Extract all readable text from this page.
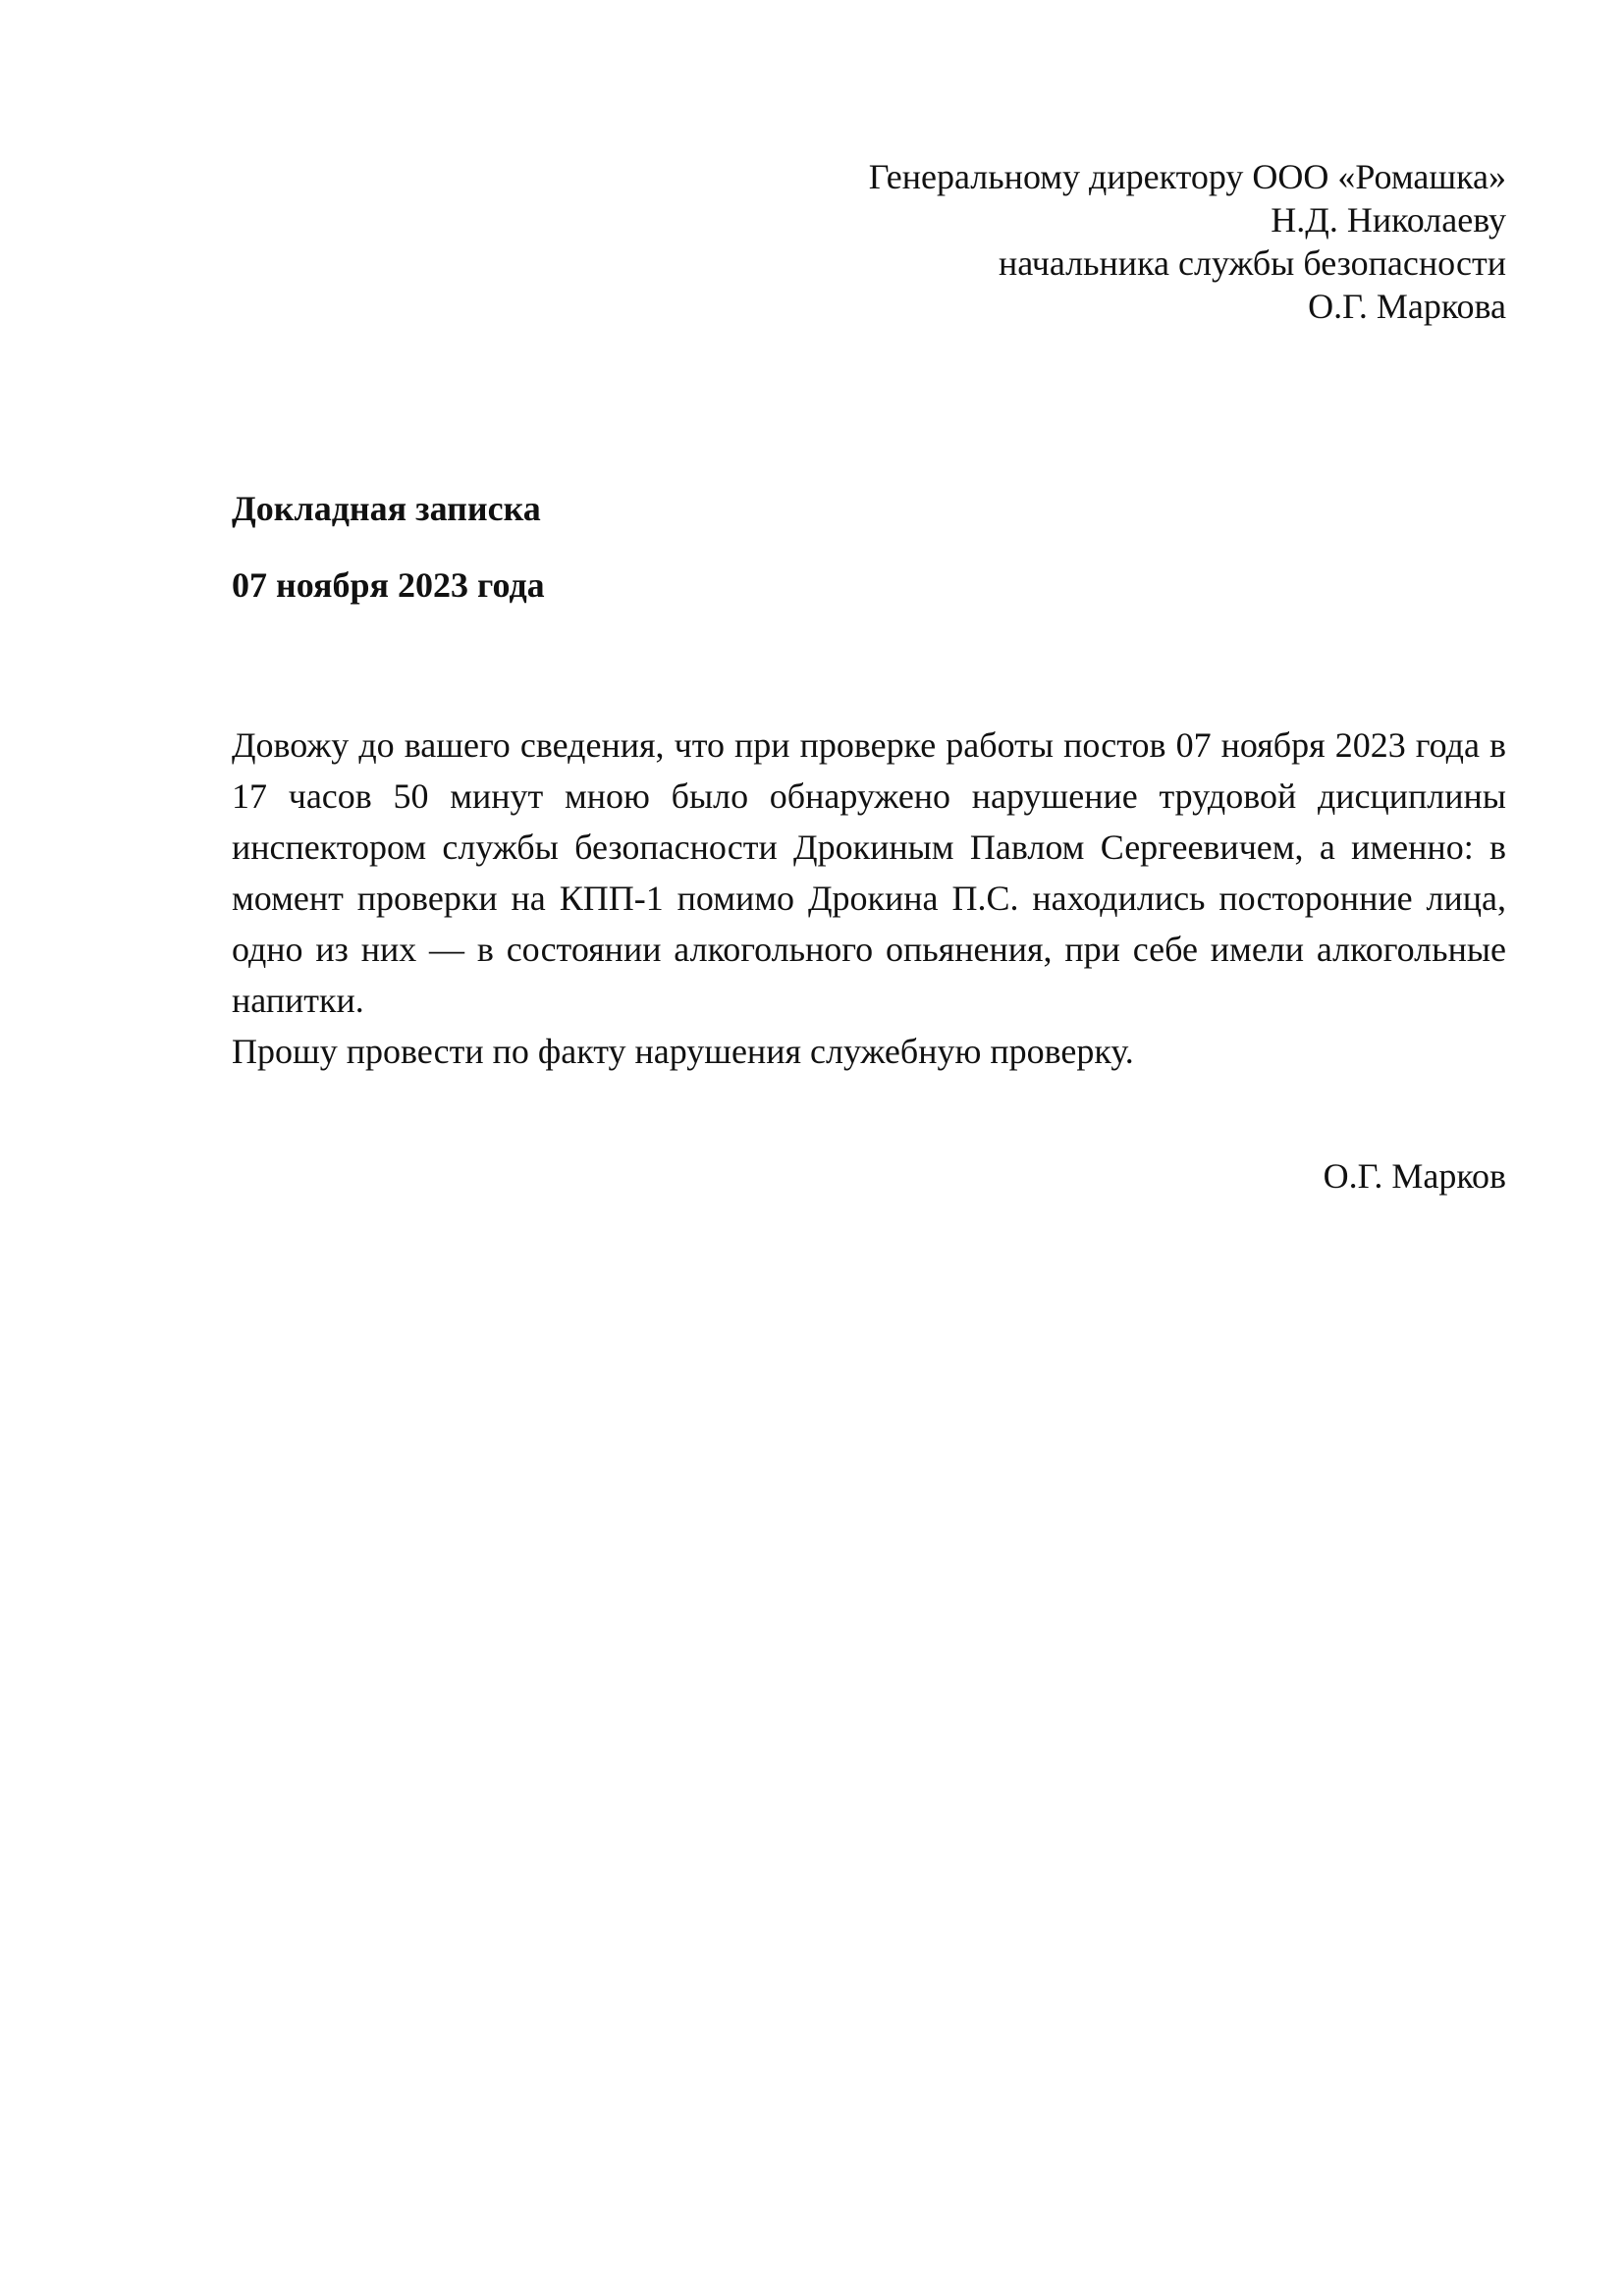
Генеральному директору ООО «Ромашка»
Н.Д. Николаеву
начальника службы безопасности
О.Г. Маркова
Докладная записка
07 ноября 2023 года

Довожу до вашего сведения, что при проверке работы постов 07 ноября 2023 года в 17 часов 50 минут мною было обнаружено нарушение трудовой дисциплины инспектором службы безопасности Дрокиным Павлом Сергеевичем, а именно: в момент проверки на КПП-1 помимо Дрокина П.С. находились посторонние лица, одно из них — в состоянии алкогольного опьянения, при себе имели алкогольные напитки.

Прошу провести по факту нарушения служебную проверку.

О.Г. Марков
